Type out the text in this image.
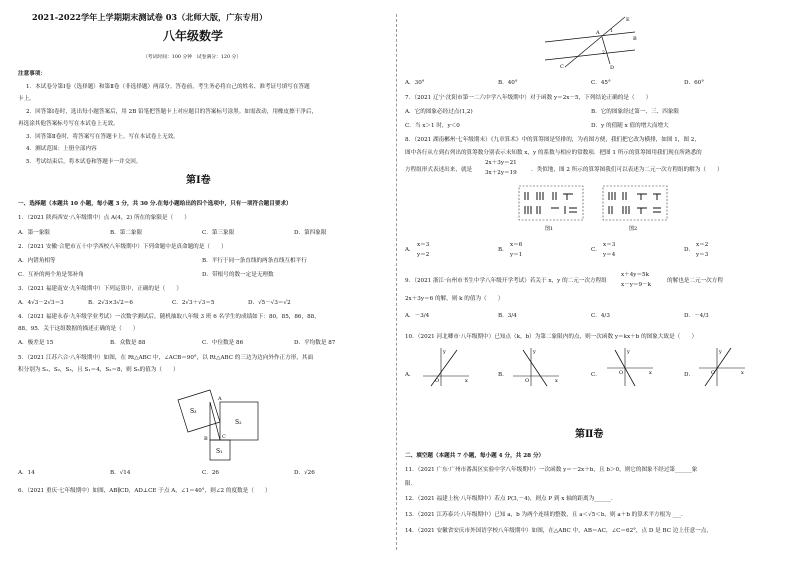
2021-2022学年上学期期末测试卷 03（北师大版，广东专用）
八年级数学
（考试时间：100 分钟　试卷满分：120 分）
注意事项：
1．本试卷分第Ⅰ卷（选择题）和第Ⅱ卷（非选择题）两部分。答卷前，考生务必将自己的姓名、准考证号填写在答题
卡上。
2．回答第Ⅰ卷时，选出每小题答案后，用 2B 铅笔把答题卡上对应题目的答案标号涂黑。如需改动，用橡皮擦干净后，
再选涂其他答案标号写在本试卷上无效。
3．回答第Ⅱ卷时，将答案写在答题卡上。写在本试卷上无效。
4．测试范围：上册全部内容
5．考试结束后，将本试卷和答题卡一并交回。
第Ⅰ卷
一、选择题（本题共 10 小题，每小题 3 分，共 30 分.在每小题给出的四个选项中，只有一项符合题目要求）
1．（2021 陕西西安·八年级期中）点 A(4，2) 所在的象限是（　　）
A．第一象限	B．第二象限	C．第三象限	D．第四象限
2．（2021 安徽·合肥市五十中学西校八年级期中）下列命题中是真命题的是（　　）
A．内错角相等	B．平行于同一条直线的两条直线互相平行
C．互补的两个角是邻补角	D．带根号的数一定是无理数
3．（2021 福建南安·九年级期中）下列运算中，正确的是（　　）
A．4√3－2√3＝3	B．2√3×3√2＝6	C．2√3＋√3＝5	D．√5－√3＝√2
4．（2021 福建永春·九年级学业考试）一次数学测试后，随机抽取八年级 3 班 6 名学生的成绩如下：80，85，86，88，
88，95．关于这组数据的描述正确的是（　　）
A．极差是 15	B．众数是 88	C．中位数是 86	D．平均数是 87
5．（2021 江苏六合·八年级期中）如图，在 Rt△ABC 中，∠ACB＝90°，以 Rt△ABC 的三边为边向外作正方形，其面
积分别为 S₁，S₂，S₃，且 S₁＝4，S₂＝8，则 S₃的值为（　　）
S₃
S₂
S₁
A
B	C
A．14	B．√14	C．26	D．√26
6．（2021 重庆·七年级期中）如图，AB∥CD，AD⊥CE 于点 A，∠1＝40°，则∠2 的度数是（　　）
A
B
C	D
E
1
2
A．30°	B．40°	C．45°	D．60°
7．（2021 辽宁·沈阳市第一二六中学八年级期中）对于函数 y＝2x－5，下列结论正确的是（　　）
A．它的图象必经过点(1,2)	B．它的图象经过第一、三、四象限
C．当 x＞1 时，y＜0	D．y 的值随 x 值的增大而增大
8．（2021 湖南郴州·七年级期末）《九章算术》中的算筹图是竖排的，为看图方便，我们把它改为横排，如图 1，图 2，
图中各行从左到右列出的算筹数分别表示未知数 x，y 的系数与相应的常数项．把图 1 所示的算筹图用我们现在所熟悉的
方程组形式表述出来，就是
2x＋3y＝21
3x＋2y＝19	．类似地，图 2 所示的算筹图我们可以表述为二元一次方程组的解为（　　）
图1	图2
A．
x＝3
y＝2
B．
x＝6
y＝1
C．
x＝3
y＝4
D．
x＝2
y＝3
9．（2021 浙江·台州市书生中学八年级开学考试）若关于 x，y 的二元一次方程组
x＋4y＝5k
x－y＝9－k
的解也是二元一次方程
2x＋3y＝6 的解，则 k 的值为（　　）
A．－3/4	B．3/4	C．4/3	D．－4/3
10．（2021 河北卿市·八年级期中）已知点（k，b）为第二象限内的点，则一次函数 y＝kx＋b 的图象大致是（　　）
A．
y
x
O
B．
y
x
O
C．
y
x
O	D．
y
x
O
第Ⅱ卷
二、填空题（本题共 7 小题，每小题 4 分，共 28 分）
11．（2021 广东·广州市番禺区实验中学八年级期中）一次函数 y＝－2x＋b，且 b＞0，则它的图象不经过第______象
限．
12．（2021 福建上杭·八年级期中）若点 P(3,－4)，则点 P 到 x 轴的距离为______．
13．（2021 江苏泰兴·八年级期中）已知 a，b 为两个连续的整数，且 a＜√5＜b，则 a＋b 的算术平方根为 ___．
14．（2021 安徽省安庆市外国语学校八年级期中）如图，在△ABC 中，AB＝AC，∠C＝62°，点 D 是 BC 边上任意一点，
